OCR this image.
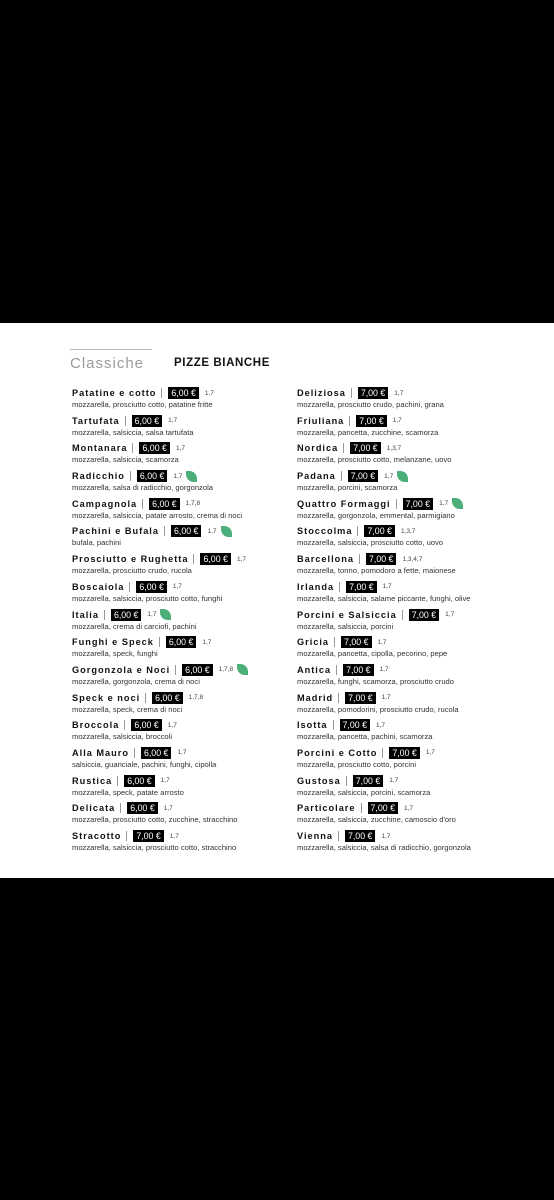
Classiche	PIZZE BIANCHE
Patatine e cotto	6,00 €	1,7
mozzarella, prosciutto cotto, patatine fritte
Tartufata	6,00 €	1,7
mozzarella, salsiccia, salsa tartufata
Montanara	6,00 €	1,7
mozzarella, salsiccia, scamorza
Radicchio	6,00 €	1,7
mozzarella, salsa di radicchio, gorgonzola
Campagnola	6,00 €	1,7,8
mozzarella, salsiccia, patate arrosto, crema di noci
Pachini e Bufala	6,00 €	1,7
bufala, pachini
Prosciutto e Rughetta	6,00 €	1,7
mozzarella, prosciutto crudo, rucola
Boscaiola	6,00 €	1,7
mozzarella, salsiccia, prosciutto cotto, funghi
Italia	6,00 €	1,7
mozzarella, crema di carciofi, pachini
Funghi e Speck	6,00 €	1,7
mozzarella, speck, funghi
Gorgonzola e Noci	6,00 €	1,7,8
mozzarella, gorgonzola, crema di noci
Speck e noci	6,00 €	1,7,8
mozzarella, speck, crema di noci
Broccola	6,00 €	1,7
mozzarella, salsiccia, broccoli
Alla Mauro	6,00 €	1,7
salsiccia, guanciale, pachini, funghi, cipolla
Rustica	6,00 €	1,7
mozzarella, speck, patate arrosto
Delicata	6,00 €	1,7
mozzarella, prosciutto cotto, zucchine, stracchino
Stracotto	7,00 €	1,7
mozzarella, salsiccia, prosciutto cotto, stracchino
Deliziosa	7,00 €	1,7
mozzarella, prosciutto crudo, pachini, grana
Friuliana	7,00 €	1,7
mozzarella, pancetta, zucchine, scamorza
Nordica	7,00 €	1,3,7
mozzarella, prosciutto cotto, melanzane, uovo
Padana	7,00 €	1,7
mozzarella, porcini, scamorza
Quattro Formaggi	7,00 €	1,7
mozzarella, gorgonzola, emmental, parmigiano
Stoccolma	7,00 €	1,3,7
mozzarella, salsiccia, prosciutto cotto, uovo
Barcellona	7,00 €	1,3,4,7
mozzarella, tonno, pomodoro a fette, maionese
Irlanda	7,00 €	1,7
mozzarella, salsiccia, salame piccante, funghi, olive
Porcini e Salsiccia	7,00 €	1,7
mozzarella, salsiccia, porcini
Gricia	7,00 €	1,7
mozzarella, pancetta, cipolla, pecorino, pepe
Antica	7,00 €	1,7
mozzarella, funghi, scamorza, prosciutto crudo
Madrid	7,00 €	1,7
mozzarella, pomodorini, prosciutto crudo, rucola
Isotta	7,00 €	1,7
mozzarella, pancetta, pachini, scamorza
Porcini e Cotto	7,00 €	1,7
mozzarella, prosciutto cotto, porcini
Gustosa	7,00 €	1,7
mozzarella, salsiccia, porcini, scamorza
Particolare	7,00 €	1,7
mozzarella, salsiccia, zucchine, camoscio d'oro
Vienna	7,00 €	1,7
mozzarella, salsiccia, salsa di radicchio, gorgonzola
